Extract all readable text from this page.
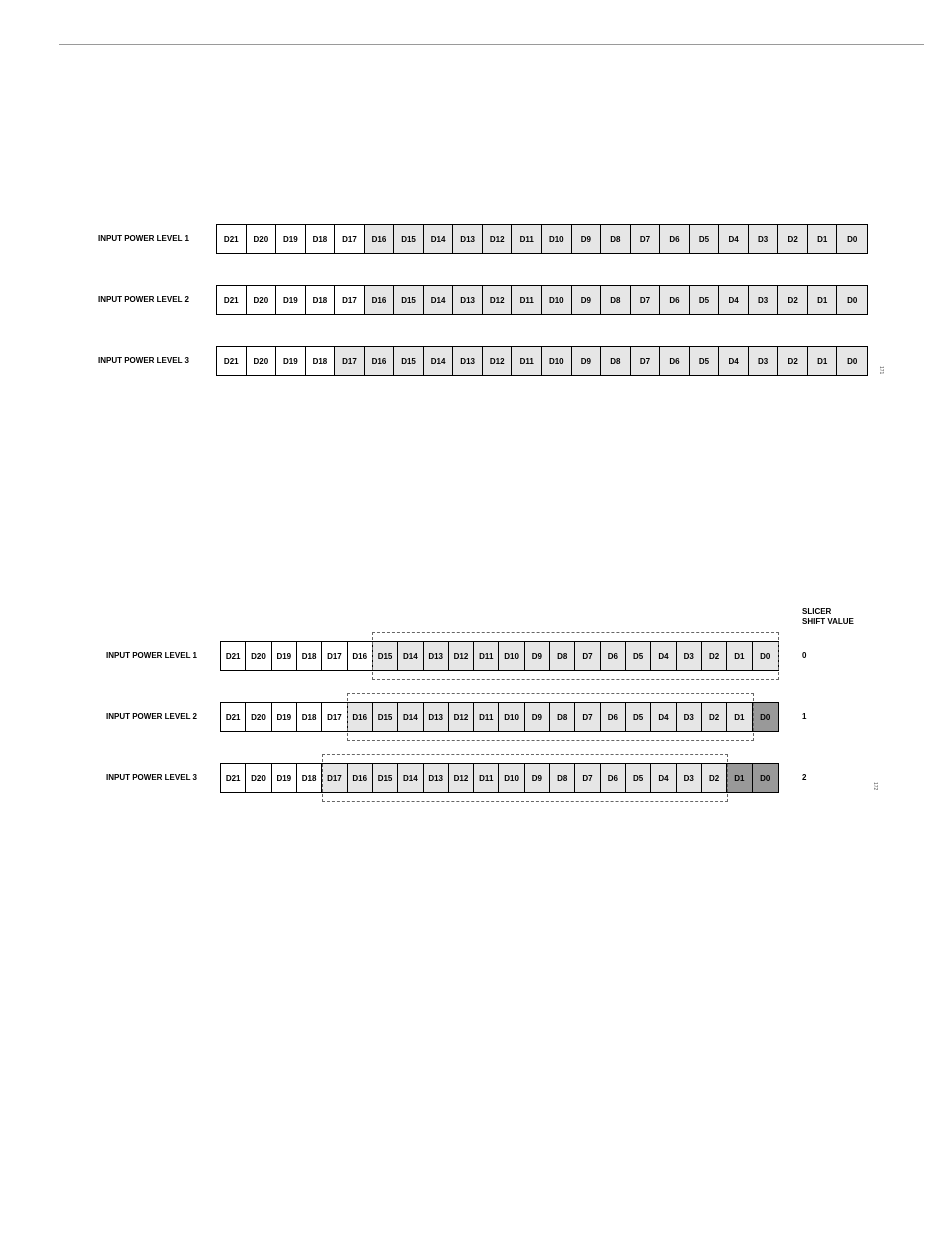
INPUT POWER LEVEL 1	D21	D20	D19	D18	D17	D16	D15	D14	D13	D12	D11	D10	D9	D8	D7	D6	D5	D4	D3	D2	D1	D0
INPUT POWER LEVEL 2	D21	D20	D19	D18	D17	D16	D15	D14	D13	D12	D11	D10	D9	D8	D7	D6	D5	D4	D3	D2	D1	D0
INPUT POWER LEVEL 3	D21	D20	D19	D18	D17	D16	D15	D14	D13	D12	D11	D10	D9	D8	D7	D6	D5	D4	D3	D2	D1	D0
171
SLICER
SHIFT VALUE
INPUT POWER LEVEL 1	D21	D20	D19	D18	D17	D16	D15	D14	D13	D12	D11	D10	D9	D8	D7	D6	D5	D4	D3	D2	D1	D0	0
INPUT POWER LEVEL 2	D21	D20	D19	D18	D17	D16	D15	D14	D13	D12	D11	D10	D9	D8	D7	D6	D5	D4	D3	D2	D1	D0	1
INPUT POWER LEVEL 3	D21	D20	D19	D18	D17	D16	D15	D14	D13	D12	D11	D10	D9	D8	D7	D6	D5	D4	D3	D2	D1	D0	2
172
